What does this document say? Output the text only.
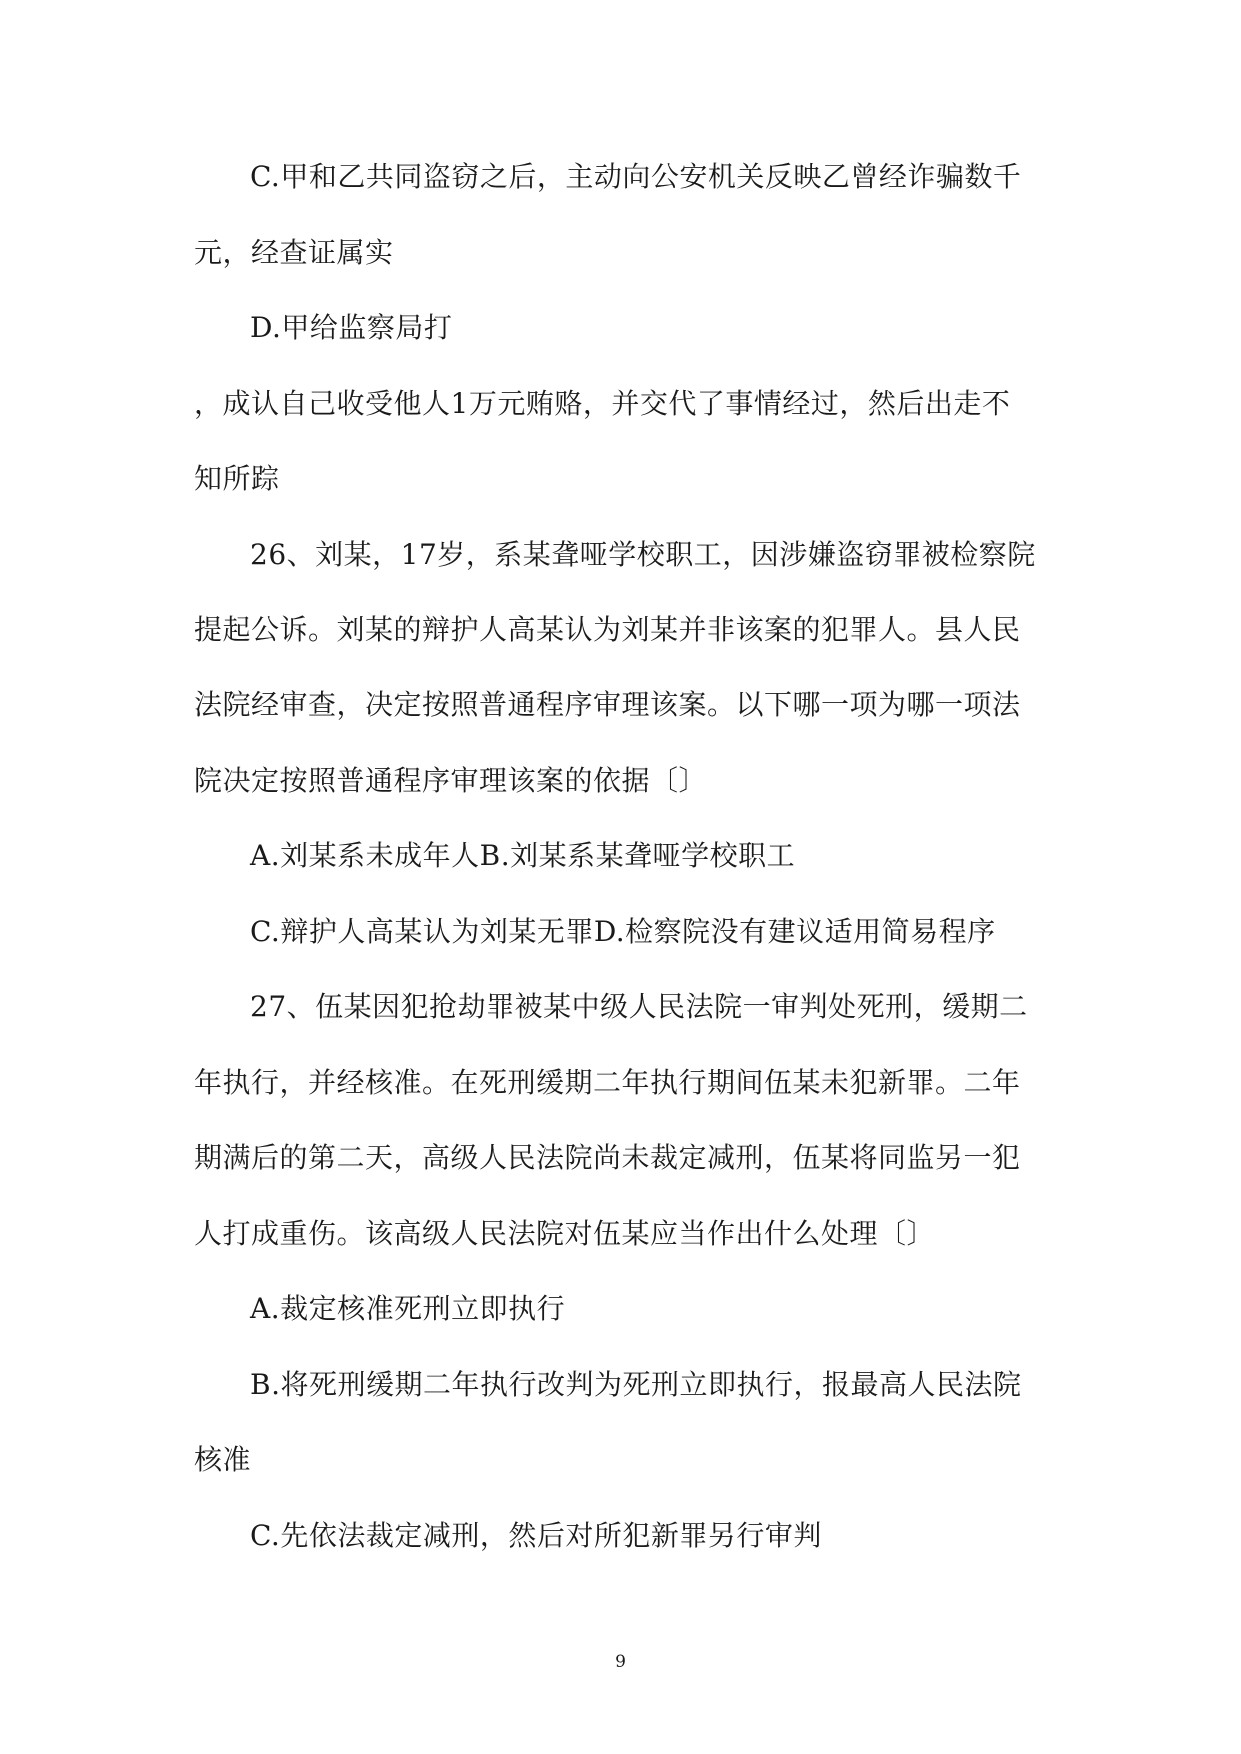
C.甲和乙共同盗窃之后，主动向公安机关反映乙曾经诈骗数千
元，经查证属实
D.甲给监察局打
，成认自己收受他人1万元贿赂，并交代了事情经过，然后出走不
知所踪
26、刘某，17岁，系某聋哑学校职工，因涉嫌盗窃罪被检察院
提起公诉。刘某的辩护人高某认为刘某并非该案的犯罪人。县人民
法院经审查，决定按照普通程序审理该案。以下哪一项为哪一项法
院决定按照普通程序审理该案的依据〔〕
A.刘某系未成年人B.刘某系某聋哑学校职工
C.辩护人高某认为刘某无罪D.检察院没有建议适用简易程序
27、伍某因犯抢劫罪被某中级人民法院一审判处死刑，缓期二
年执行，并经核准。在死刑缓期二年执行期间伍某未犯新罪。二年
期满后的第二天，高级人民法院尚未裁定减刑，伍某将同监另一犯
人打成重伤。该高级人民法院对伍某应当作出什么处理〔〕
A.裁定核准死刑立即执行
B.将死刑缓期二年执行改判为死刑立即执行，报最高人民法院
核准
C.先依法裁定减刑，然后对所犯新罪另行审判
9
